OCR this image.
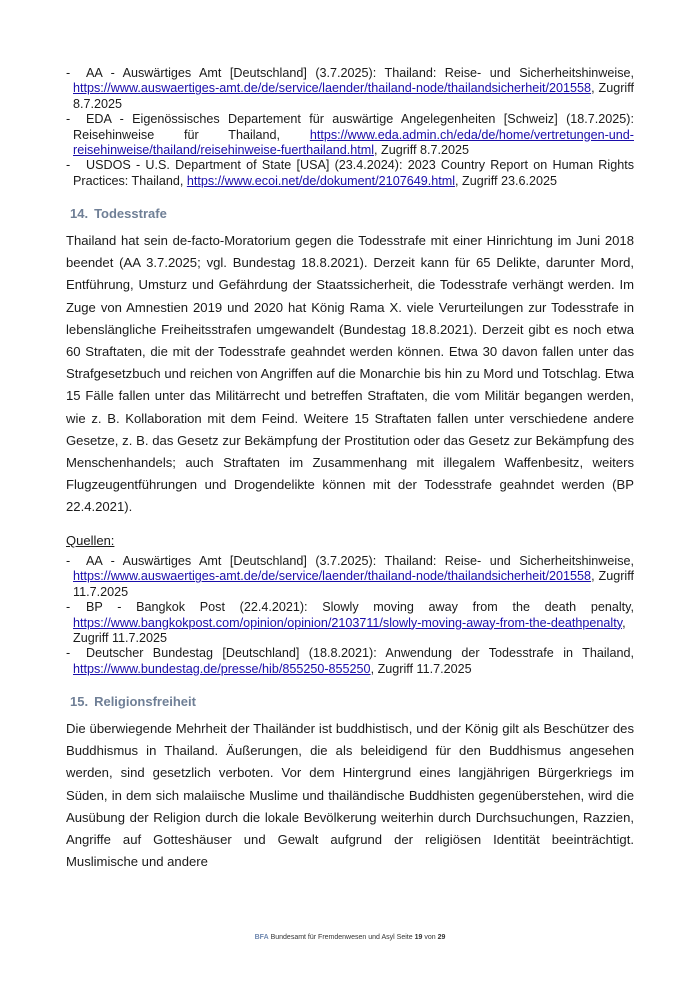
- AA - Auswärtiges Amt [Deutschland] (3.7.2025): Thailand: Reise- und Sicherheitshinweise, https://www.auswaertiges-amt.de/de/service/laender/thailand-node/thailandsicherheit/201558, Zugriff 8.7.2025
- EDA - Eigenössisches Departement für auswärtige Angelegenheiten [Schweiz] (18.7.2025): Reisehinweise für Thailand, https://www.eda.admin.ch/eda/de/home/vertretungen-und-reisehinweise/thailand/reisehinweise-fuerthailand.html, Zugriff 8.7.2025
- USDOS - U.S. Department of State [USA] (23.4.2024): 2023 Country Report on Human Rights Practices: Thailand, https://www.ecoi.net/de/dokument/2107649.html, Zugriff 23.6.2025
14. Todesstrafe

Thailand hat sein de-facto-Moratorium gegen die Todesstrafe mit einer Hinrichtung im Juni 2018 beendet (AA 3.7.2025; vgl. Bundestag 18.8.2021). Derzeit kann für 65 Delikte, darunter Mord, Entführung, Umsturz und Gefährdung der Staatssicherheit, die Todesstrafe verhängt werden. Im Zuge von Amnestien 2019 und 2020 hat König Rama X. viele Verurteilungen zur Todesstrafe in lebenslängliche Freiheitsstrafen umgewandelt (Bundestag 18.8.2021). Derzeit gibt es noch etwa 60 Straftaten, die mit der Todesstrafe geahndet werden können. Etwa 30 davon fallen unter das Strafgesetzbuch und reichen von Angriffen auf die Monarchie bis hin zu Mord und Totschlag. Etwa 15 Fälle fallen unter das Militärrecht und betreffen Straftaten, die vom Militär begangen werden, wie z. B. Kollaboration mit dem Feind. Weitere 15 Straftaten fallen unter verschiedene andere Gesetze, z. B. das Gesetz zur Bekämpfung der Prostitution oder das Gesetz zur Bekämpfung des Menschenhandels; auch Straftaten im Zusammenhang mit illegalem Waffenbesitz, weiters Flugzeugentführungen und Drogendelikte können mit der Todesstrafe geahndet werden (BP 22.4.2021).

Quellen:

- AA - Auswärtiges Amt [Deutschland] (3.7.2025): Thailand: Reise- und Sicherheitshinweise, https://www.auswaertiges-amt.de/de/service/laender/thailand-node/thailandsicherheit/201558, Zugriff 11.7.2025
- BP - Bangkok Post (22.4.2021): Slowly moving away from the death penalty, https://www.bangkokpost.com/opinion/opinion/2103711/slowly-moving-away-from-the-deathpenalty, Zugriff 11.7.2025
- Deutscher Bundestag [Deutschland] (18.8.2021): Anwendung der Todesstrafe in Thailand, https://www.bundestag.de/presse/hib/855250-855250, Zugriff 11.7.2025
15. Religionsfreiheit

Die überwiegende Mehrheit der Thailänder ist buddhistisch, und der König gilt als Beschützer des Buddhismus in Thailand. Äußerungen, die als beleidigend für den Buddhismus angesehen werden, sind gesetzlich verboten. Vor dem Hintergrund eines langjährigen Bürgerkriegs im Süden, in dem sich malaiische Muslime und thailändische Buddhisten gegenüberstehen, wird die Ausübung der Religion durch die lokale Bevölkerung weiterhin durch Durchsuchungen, Razzien, Angriffe auf Gotteshäuser und Gewalt aufgrund der religiösen Identität beeinträchtigt. Muslimische und andere

BFA Bundesamt für Fremdenwesen und Asyl Seite 19 von 29
